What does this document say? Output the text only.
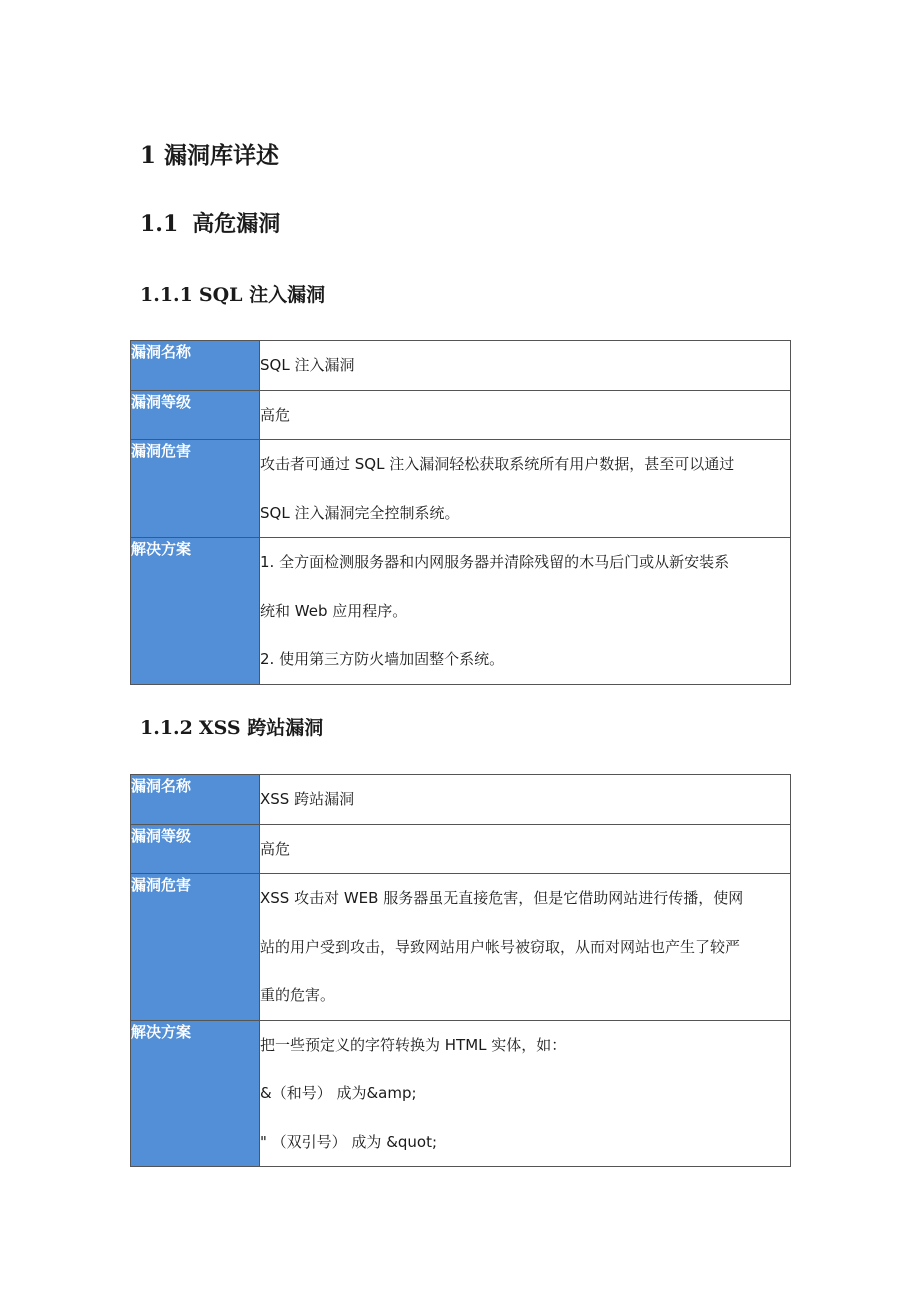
1 漏洞库详述
1.1 高危漏洞
1.1.1 SQL 注入漏洞
漏洞名称	SQL 注入漏洞

漏洞等级	高危

漏洞危害	攻击者可通过 SQL 注入漏洞轻松获取系统所有用户数据，甚至可以通过
SQL 注入漏洞完全控制系统。

解决方案	1. 全方面检测服务器和内网服务器并清除残留的木马后门或从新安装系
统和 Web 应用程序。
2. 使用第三方防火墙加固整个系统。
1.1.2 XSS 跨站漏洞
漏洞名称	XSS 跨站漏洞

漏洞等级	高危

漏洞危害	XSS 攻击对 WEB 服务器虽无直接危害，但是它借助网站进行传播，使网
站的用户受到攻击，导致网站用户帐号被窃取，从而对网站也产生了较严
重的危害。

解决方案	把一些预定义的字符转换为 HTML 实体，如：
&（和号） 成为&amp;
" （双引号） 成为 &quot;
